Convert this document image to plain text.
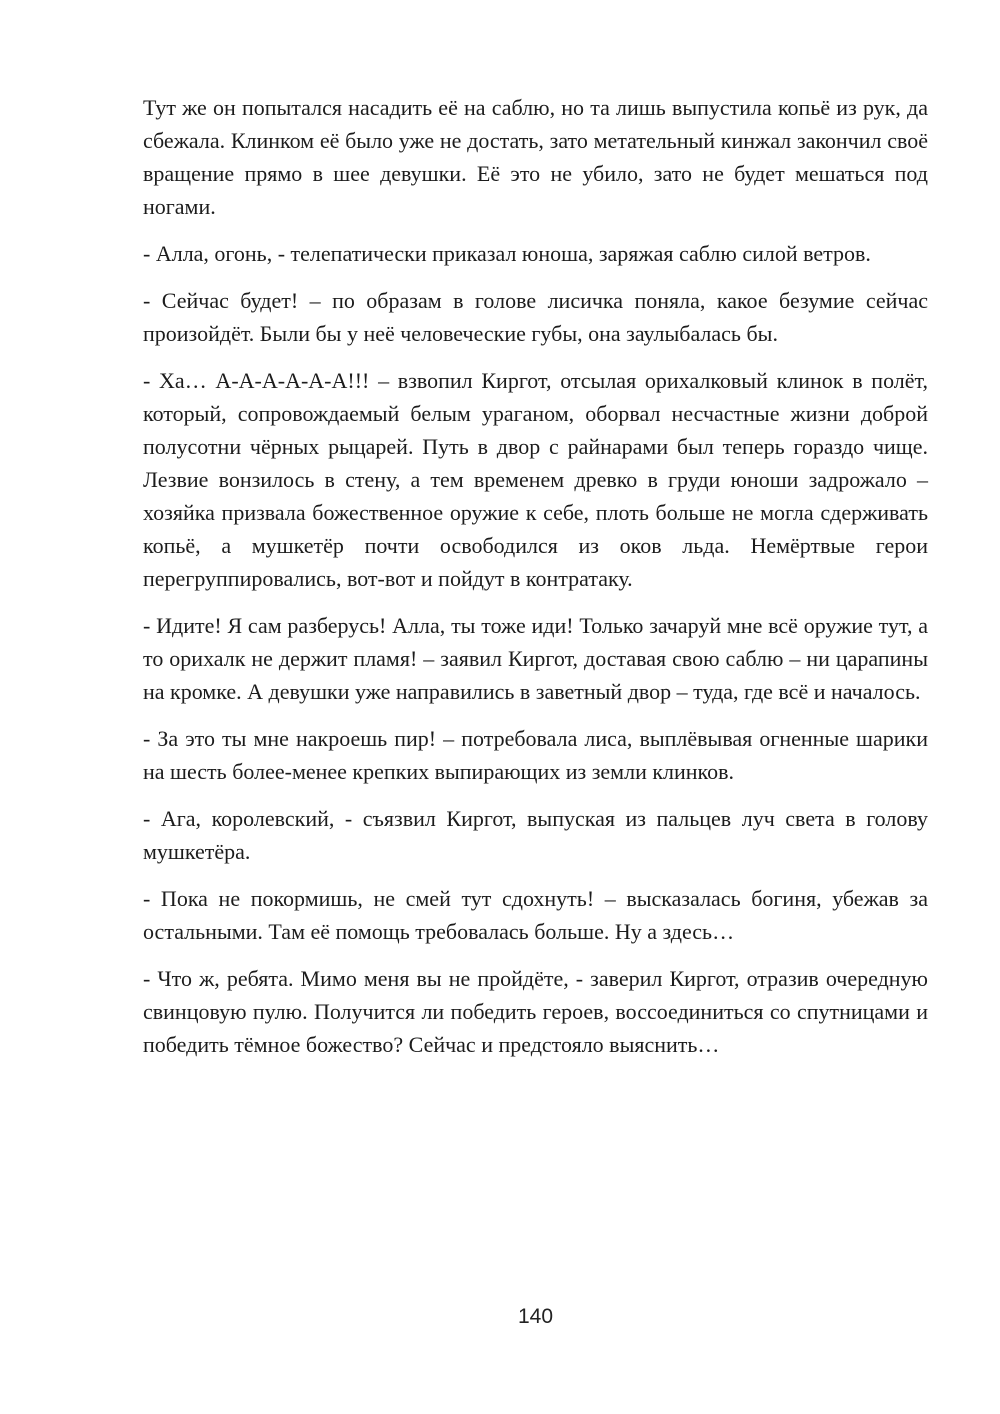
Тут же он попытался насадить её на саблю, но та лишь выпустила копьё из рук, да сбежала. Клинком её было уже не достать, зато метательный кинжал закончил своё вращение прямо в шее девушки. Её это не убило, зато не будет мешаться под ногами.

- Алла, огонь, - телепатически приказал юноша, заряжая саблю силой ветров.

- Сейчас будет! – по образам в голове лисичка поняла, какое безумие сейчас произойдёт. Были бы у неё человеческие губы, она заулыбалась бы.

- Ха… А-А-А-А-А-А!!! – взвопил Киргот, отсылая орихалковый клинок в полёт, который, сопровождаемый белым ураганом, оборвал несчастные жизни доброй полусотни чёрных рыцарей. Путь в двор с райнарами был теперь гораздо чище. Лезвие вонзилось в стену, а тем временем древко в груди юноши задрожало – хозяйка призвала божественное оружие к себе, плоть больше не могла сдерживать копьё, а мушкетёр почти освободился из оков льда. Немёртвые герои перегруппировались, вот-вот и пойдут в контратаку.

- Идите! Я сам разберусь! Алла, ты тоже иди! Только зачаруй мне всё оружие тут, а то орихалк не держит пламя! – заявил Киргот, доставая свою саблю – ни царапины на кромке. А девушки уже направились в заветный двор – туда, где всё и началось.

- За это ты мне накроешь пир! – потребовала лиса, выплёвывая огненные шарики на шесть более-менее крепких выпирающих из земли клинков.

- Ага, королевский, - съязвил Киргот, выпуская из пальцев луч света в голову мушкетёра.

- Пока не покормишь, не смей тут сдохнуть! – высказалась богиня, убежав за остальными. Там её помощь требовалась больше. Ну а здесь…

- Что ж, ребята. Мимо меня вы не пройдёте, - заверил Киргот, отразив очередную свинцовую пулю. Получится ли победить героев, воссоединиться со спутницами и победить тёмное божество? Сейчас и предстояло выяснить…

140
